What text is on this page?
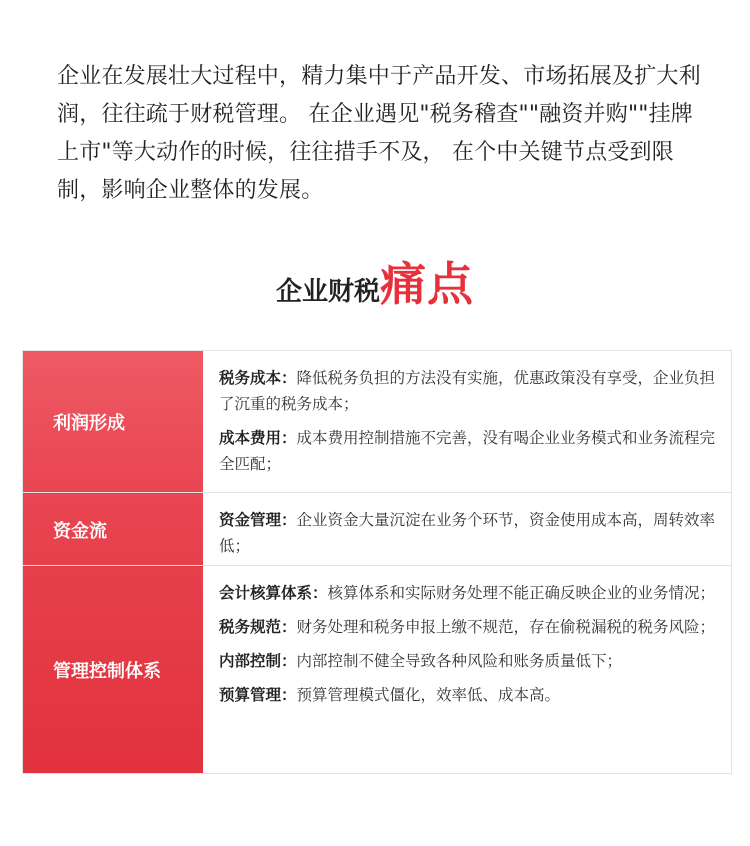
企业在发展壮大过程中，精力集中于产品开发、市场拓展及扩大利润，往往疏于财税管理。 在企业遇见"税务稽查""融资并购""挂牌上市"等大动作的时候，往往措手不及， 在个中关键节点受到限制，影响企业整体的发展。
企业财税痛点
利润形成
税务成本：降低税务负担的方法没有实施，优惠政策没有享受，企业负担了沉重的税务成本；
成本费用：成本费用控制措施不完善，没有喝企业业务模式和业务流程完全匹配；
资金流
资金管理：企业资金大量沉淀在业务个环节，资金使用成本高，周转效率低；
管理控制体系
会计核算体系：核算体系和实际财务处理不能正确反映企业的业务情况；
税务规范：财务处理和税务申报上缴不规范，存在偷税漏税的税务风险；
内部控制：内部控制不健全导致各种风险和账务质量低下；
预算管理：预算管理模式僵化，效率低、成本高。
